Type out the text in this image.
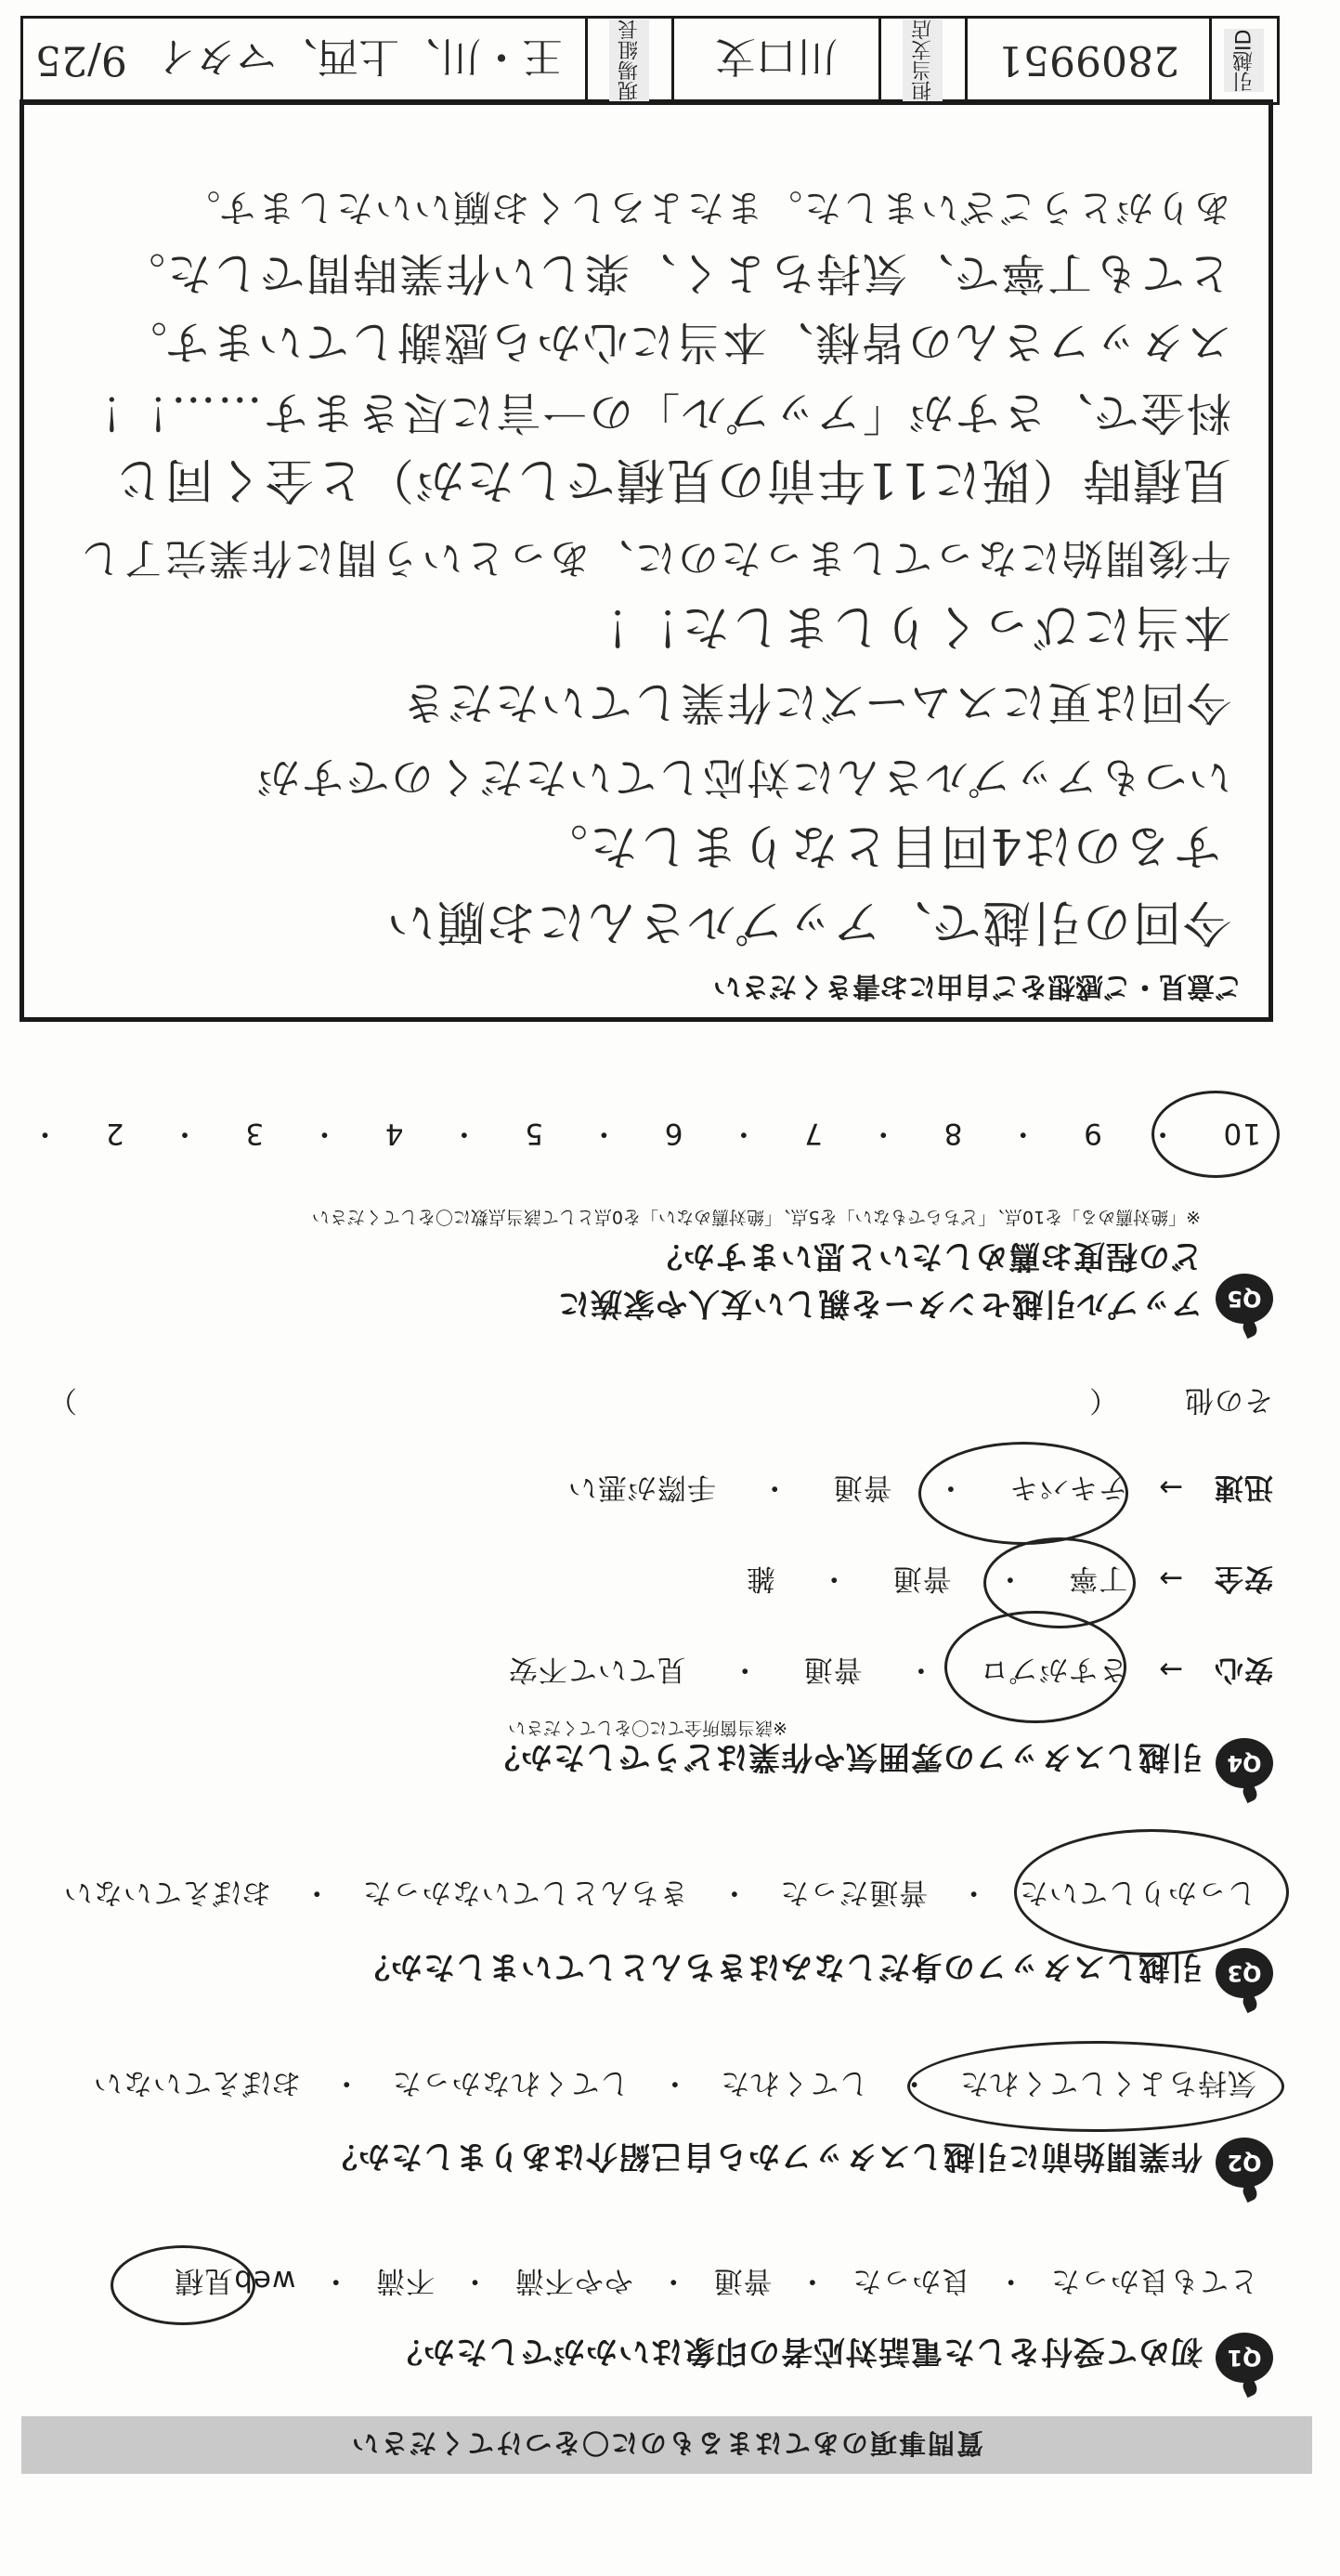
質問事項のあてはまるものに〇をつけてください
Q1
初めて受付をした電話対応者の印象はいかがでしたか？
とても良かった ・ 良かった ・ 普通 ・ やや不満 ・ 不満 ・ web見積
Q2
作業開始前に引越しスタッフから自己紹介はありましたか？
気持ちよくしてくれた ・ してくれた ・ してくれなかった ・ おぼえていない
Q3
引越しスタッフの身だしなみはきちんとしていましたか？
しっかりしていた ・ 普通だった ・ きちんとしていなかった ・ おぼえていない
Q4
引越しスタッフの雰囲気や作業はどうでしたか？
※該当箇所全てに〇をしてください
安心 → さすがプロ ・ 普通 ・ 見ていて不安
安全 → 丁寧 ・ 普通 ・ 雑
迅速 → テキパキ ・ 普通 ・ 手際が悪い
その他 （
）
Q5
アップル引越センターを親しい友人や家族に
どの程度お薦めしたいと思いますか？
※「絶対薦める」を10点、「どちらでもない」を5点、「絶対薦めない」を0点として該当点数に〇をしてください
10 ・ 9 ・ 8 ・ 7 ・ 6 ・ 5 ・ 4 ・ 3 ・ 2 ・
ご意見・ご感想をご自由にお書きください
今回の引越で、アップルさんにお願い
するのは4回目となりました。
いつもアップルさんに対応していただくのですが
今回は更にスムーズに作業していただき
本当にびっくりしました！！
午後開始になってしまったのに、あっという間に作業完了し
見積時（既に11年前の見積でしたが）と全く同じ
料金で、さすが「アップル」の一言に尽きます……！！
スタッフさんの皆様、本当に心から感謝しています。
とても丁寧で、気持ちよく、楽しい作業時間でした。
ありがとうございました。またよろしくお願いいたします。
引越ID
2809951
担当支店
川口支
現場組長
王・川、上西、マタイ
9/25
